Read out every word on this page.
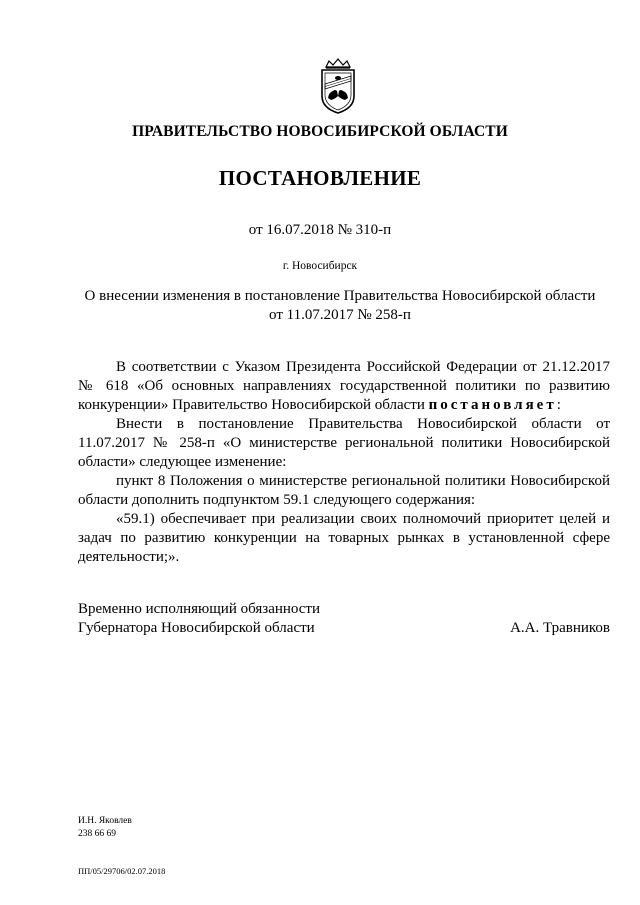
ПРАВИТЕЛЬСТВО НОВОСИБИРСКОЙ ОБЛАСТИ
ПОСТАНОВЛЕНИЕ
от 16.07.2018 № 310-п
г. Новосибирск
О внесении изменения в постановление Правительства Новосибирской области
от 11.07.2017 № 258-п

В соответствии с Указом Президента Российской Федерации от 21.12.2017 № 618 «Об основных направлениях государственной политики по развитию конкуренции» Правительство Новосибирской области постановляет:

Внести в постановление Правительства Новосибирской области от 11.07.2017 № 258-п «О министерстве региональной политики Новосибирской области» следующее изменение:

пункт 8 Положения о министерстве региональной политики Новосибирской области дополнить подпунктом 59.1 следующего содержания:

«59.1) обеспечивает при реализации своих полномочий приоритет целей и задач по развитию конкуренции на товарных рынках в установленной сфере деятельности;».

Временно исполняющий обязанности
Губернатора Новосибирской области	А.А. Травников
И.Н. Яковлев
238 66 69
ПП/05/29706/02.07.2018
